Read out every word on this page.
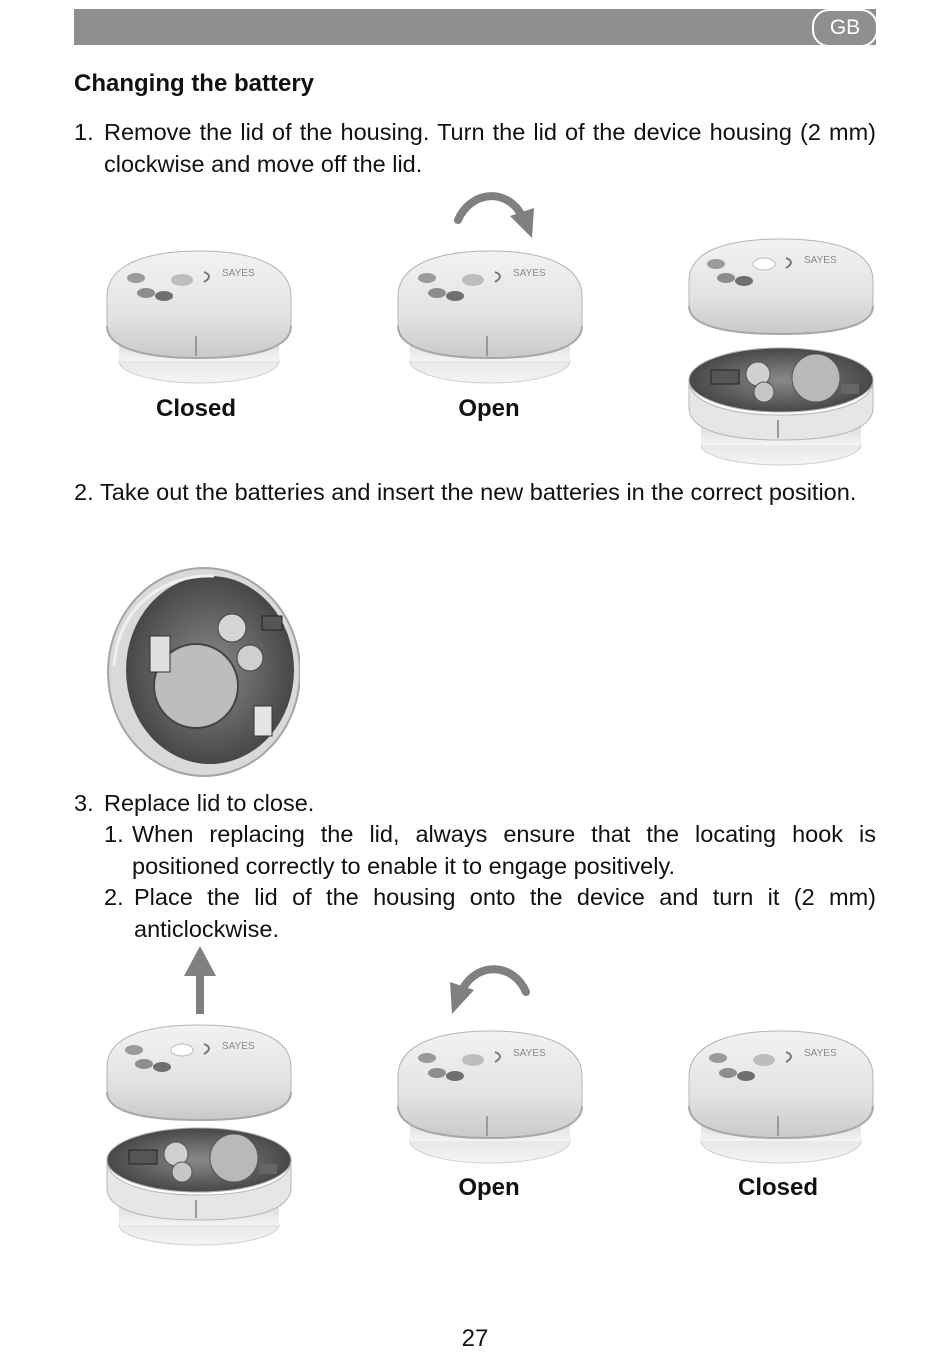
GB
Changing the battery
1. Remove the lid of the housing. Turn the lid of the device housing (2 mm) clockwise and move off the lid.
Closed	Open
2. Take out the batteries and insert the new batteries in the correct position.
3. Replace lid to close.
1. When replacing the lid, always ensure that the locating hook is positioned correctly to enable it to engage positively.
2. Place the lid of the housing onto the device and turn it (2 mm) anticlockwise.
Open	Closed
27
